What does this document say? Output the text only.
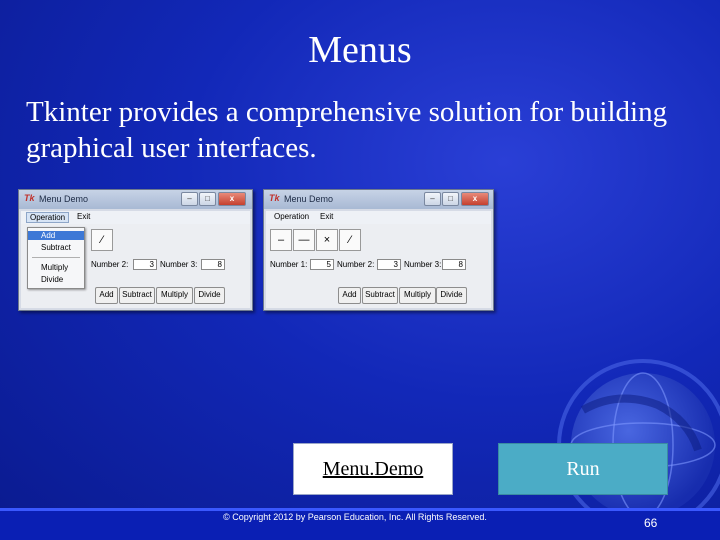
Menus
Tkinter provides a comprehensive solution for building graphical user interfaces.
Tk Menu Demo	–	□	x
Operation	Exit
⁄
Number 2:	3 Number 3:	8
Add	Subtract	Multiply	Divide
Add
Subtract
Multiply
Divide
Tk Menu Demo	–	□	x
Operation	Exit
–	—	×	⁄
Number 1:	5 Number 2:	3 Number 3:	8
Add	Subtract	Multiply	Divide
Menu.Demo	Run
© Copyright 2012 by Pearson Education, Inc. All Rights Reserved.	66
